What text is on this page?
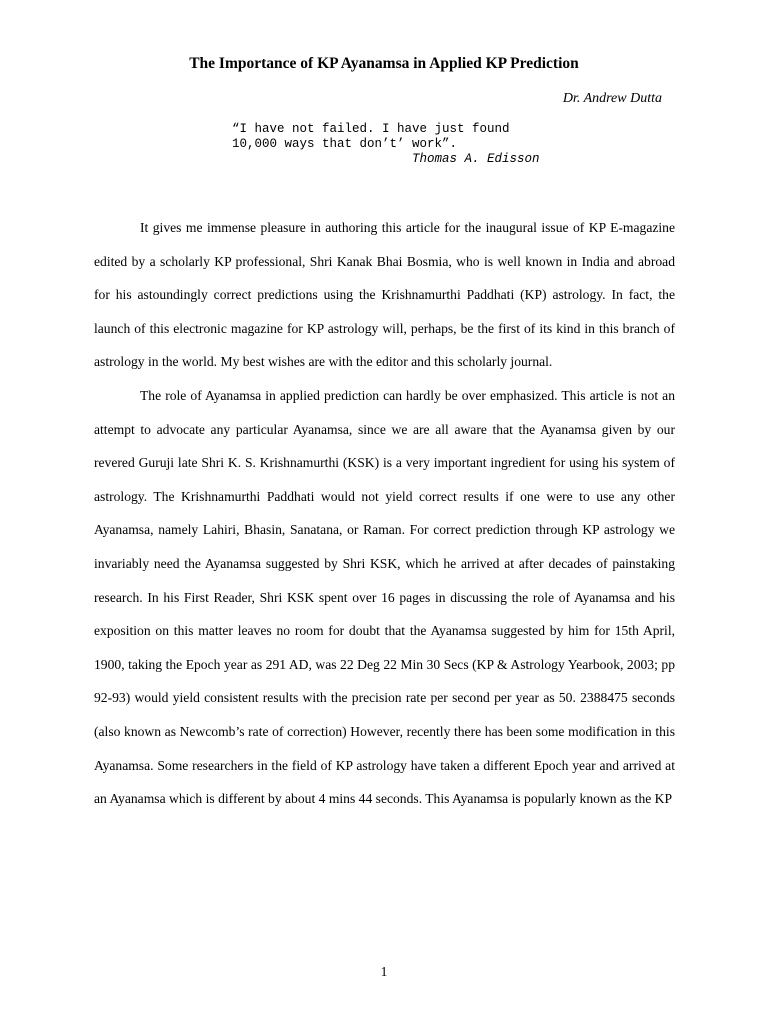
The Importance of KP Ayanamsa in Applied KP Prediction
Dr. Andrew Dutta
“I have not failed. I have just found
10,000 ways that don’t’ work”.
Thomas A. Edisson

It gives me immense pleasure in authoring this article for the inaugural issue of KP E-magazine edited by a scholarly KP professional, Shri Kanak Bhai Bosmia, who is well known in India and abroad for his astoundingly correct predictions using the Krishnamurthi Paddhati (KP) astrology. In fact, the launch of this electronic magazine for KP astrology will, perhaps, be the first of its kind in this branch of astrology in the world. My best wishes are with the editor and this scholarly journal.

The role of Ayanamsa in applied prediction can hardly be over emphasized. This article is not an attempt to advocate any particular Ayanamsa, since we are all aware that the Ayanamsa given by our revered Guruji late Shri K. S. Krishnamurthi (KSK) is a very important ingredient for using his system of astrology. The Krishnamurthi Paddhati would not yield correct results if one were to use any other Ayanamsa, namely Lahiri, Bhasin, Sanatana, or Raman. For correct prediction through KP astrology we invariably need the Ayanamsa suggested by Shri KSK, which he arrived at after decades of painstaking research. In his First Reader, Shri KSK spent over 16 pages in discussing the role of Ayanamsa and his exposition on this matter leaves no room for doubt that the Ayanamsa suggested by him for 15th April, 1900, taking the Epoch year as 291 AD, was 22 Deg 22 Min 30 Secs (KP & Astrology Yearbook, 2003; pp 92-93) would yield consistent results with the precision rate per second per year as 50. 2388475 seconds (also known as Newcomb’s rate of correction) However, recently there has been some modification in this Ayanamsa. Some researchers in the field of KP astrology have taken a different Epoch year and arrived at an Ayanamsa which is different by about 4 mins 44 seconds. This Ayanamsa is popularly known as the KP

1
